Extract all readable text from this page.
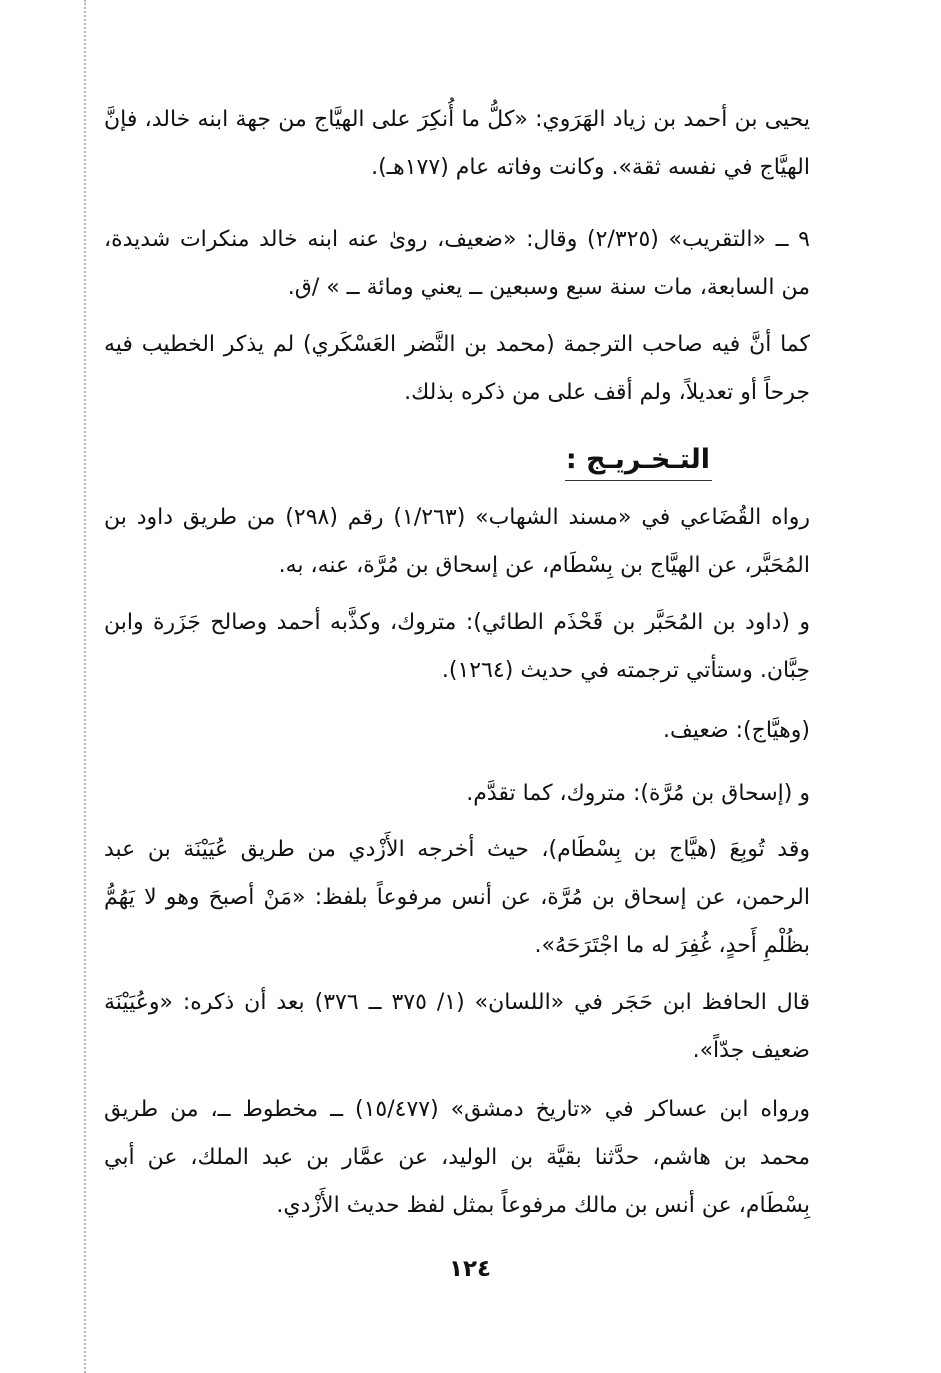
يحيى بن أحمد بن زياد الهَرَوي: «كلُّ ما أُنكِرَ على الهيَّاج من جهة ابنه خالد، فإنَّ الهيَّاج في نفسه ثقة». وكانت وفاته عام (١٧٧هـ).

٩ ــ «التقريب» (٢/٣٢٥) وقال: «ضعيف، روىٰ عنه ابنه خالد منكرات شديدة، من السابعة، مات سنة سبع وسبعين ــ يعني ومائة ــ » /ق.

كما أنَّ فيه صاحب الترجمة (محمد بن النَّضر العَسْكَري) لم يذكر الخطيب فيه جرحاً أو تعديلاً، ولم أقف على من ذكره بذلك.

التـخـريـج :

رواه القُضَاعي في «مسند الشهاب» (١/٢٦٣) رقم (٢٩٨) من طريق داود بن المُحَبَّر، عن الهيَّاج بن بِسْطَام، عن إسحاق بن مُرَّة، عنه، به.

و (داود بن المُحَبَّر بن قَحْذَم الطائي): متروك، وكذَّبه أحمد وصالح جَزَرة وابن حِبَّان. وستأتي ترجمته في حديث (١٢٦٤).

(وهيَّاج): ضعيف.

و (إسحاق بن مُرَّة): متروك، كما تقدَّم.

وقد تُوبِعَ (هيَّاج بن بِسْطَام)، حيث أخرجه الأَزْدي من طريق عُيَيْنَة بن عبد الرحمن، عن إسحاق بن مُرَّة، عن أنس مرفوعاً بلفظ: «مَنْ أصبحَ وهو لا يَهُمُّ بظُلْمِ أَحدٍ، غُفِرَ له ما اجْتَرَحَهُ».

قال الحافظ ابن حَجَر في «اللسان» (١/ ٣٧٥ ــ ٣٧٦) بعد أن ذكره: «وعُيَيْنَة ضعيف جدّاً».

ورواه ابن عساكر في «تاريخ دمشق» (١٥/٤٧٧) ــ مخطوط ــ، من طريق محمد بن هاشم، حدَّثنا بقيَّة بن الوليد، عن عمَّار بن عبد الملك، عن أبي بِسْطَام، عن أنس بن مالك مرفوعاً بمثل لفظ حديث الأَزْدي.

١٢٤
